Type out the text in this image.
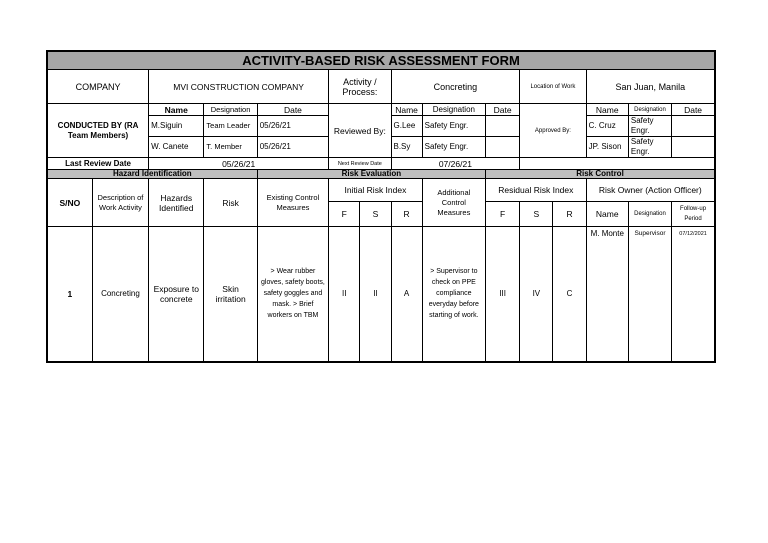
ACTIVITY-BASED RISK ASSESSMENT FORM														
COMPANY		MVI CONSTRUCTION COMPANY			Activity / Process:		Concreting			Location of Work		San Juan, Manila		
CONDUCTED BY (RA Team Members)		Name	Designation	Date	Reviewed By:		Name	Designation	Date	Approved By:		Name	Designation	Date
		M.Siguin	Team Leader	05/26/21			G.Lee	Safety Engr.				C. Cruz	Safety Engr.	
		W. Canete	T. Member	05/26/21			B.Sy	Safety Engr.				JP. Sison	Safety Engr.	
Last Review Date		05/26/21			Next Review Date		07/26/21							
Hazard Identification				Risk Evaluation					Risk Control					
S/NO	Description of Work Activity	Hazards Identified	Risk	Existing Control Measures	Initial Risk Index			Additional Control Measures	Residual Risk Index			Risk Owner (Action Officer)		
					F	S	R		F	S	R	Name	Designation	Follow-up Period
1	Concreting	Exposure to concrete	Skin irritation	> Wear rubber gloves, safety boots, safety goggles and mask. > Brief workers on TBM	II	II	A	> Supervisor to check on PPE compliance everyday before starting of work.	III	IV	C	M. Monte	Supervisor	07/12/2021
